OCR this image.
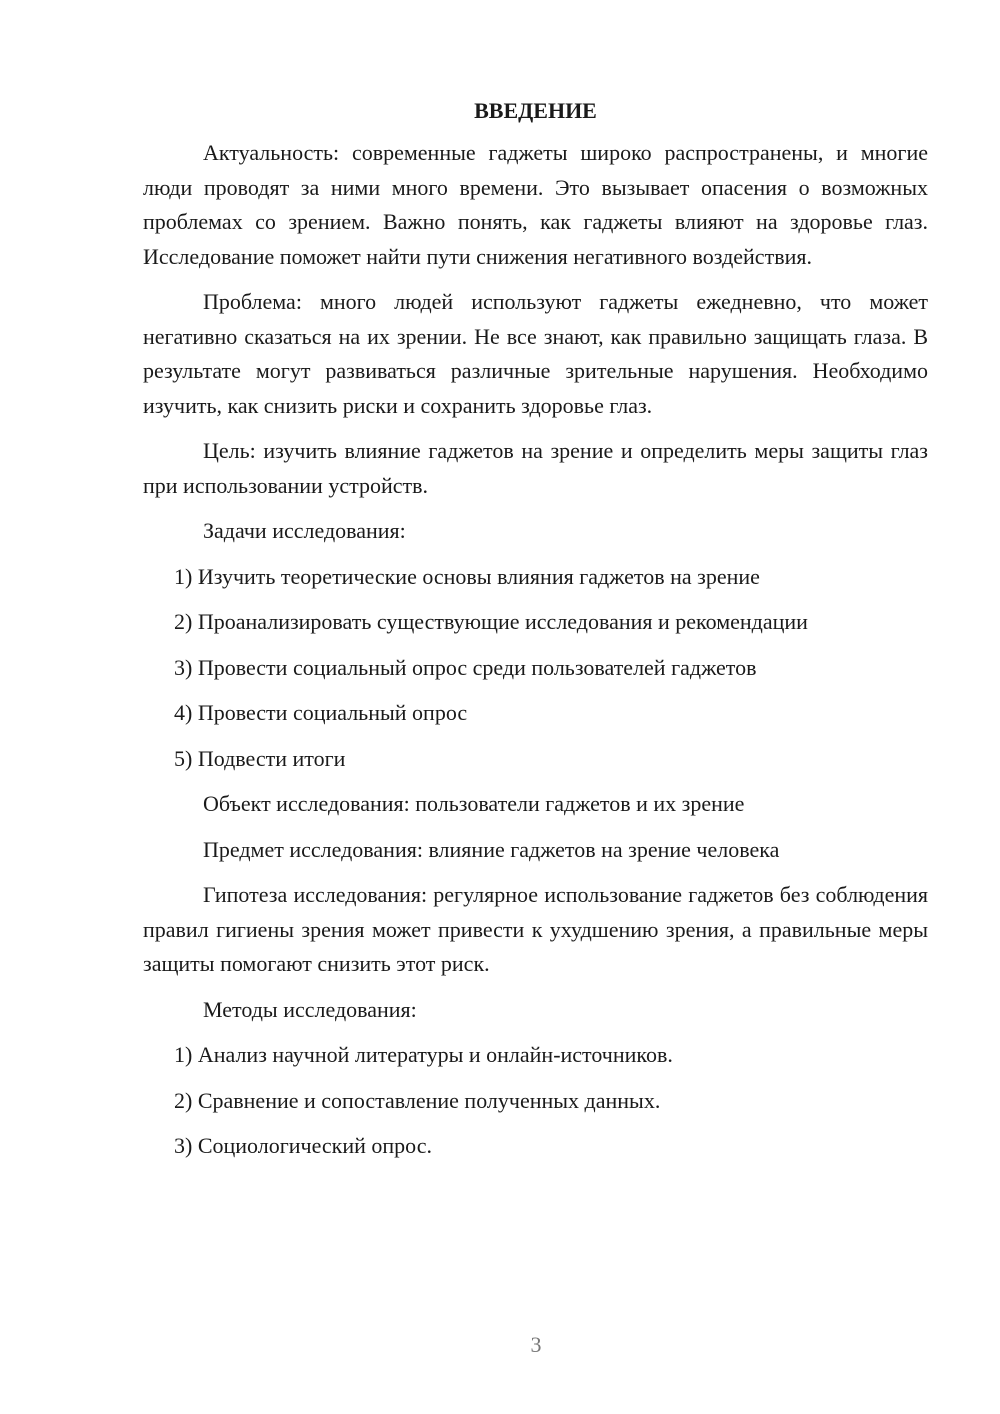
ВВЕДЕНИЕ

Актуальность: современные гаджеты широко распространены, и многие люди проводят за ними много времени. Это вызывает опасения о возможных проблемах со зрением. Важно понять, как гаджеты влияют на здоровье глаз. Исследование поможет найти пути снижения негативного воздействия.

Проблема: много людей используют гаджеты ежедневно, что может негативно сказаться на их зрении. Не все знают, как правильно защищать глаза. В результате могут развиваться различные зрительные нарушения. Необходимо изучить, как снизить риски и сохранить здоровье глаз.

Цель: изучить влияние гаджетов на зрение и определить меры защиты глаз при использовании устройств.

Задачи исследования:
1) Изучить теоретические основы влияния гаджетов на зрение
2) Проанализировать существующие исследования и рекомендации
3) Провести социальный опрос среди пользователей гаджетов
4) Провести социальный опрос
5) Подвести итоги
Объект исследования: пользователи гаджетов и их зрение
Предмет исследования: влияние гаджетов на зрение человека

Гипотеза исследования: регулярное использование гаджетов без соблюдения правил гигиены зрения может привести к ухудшению зрения, а правильные меры защиты помогают снизить этот риск.

Методы исследования:
1) Анализ научной литературы и онлайн-источников.
2) Сравнение и сопоставление полученных данных.
3) Социологический опрос.
3
